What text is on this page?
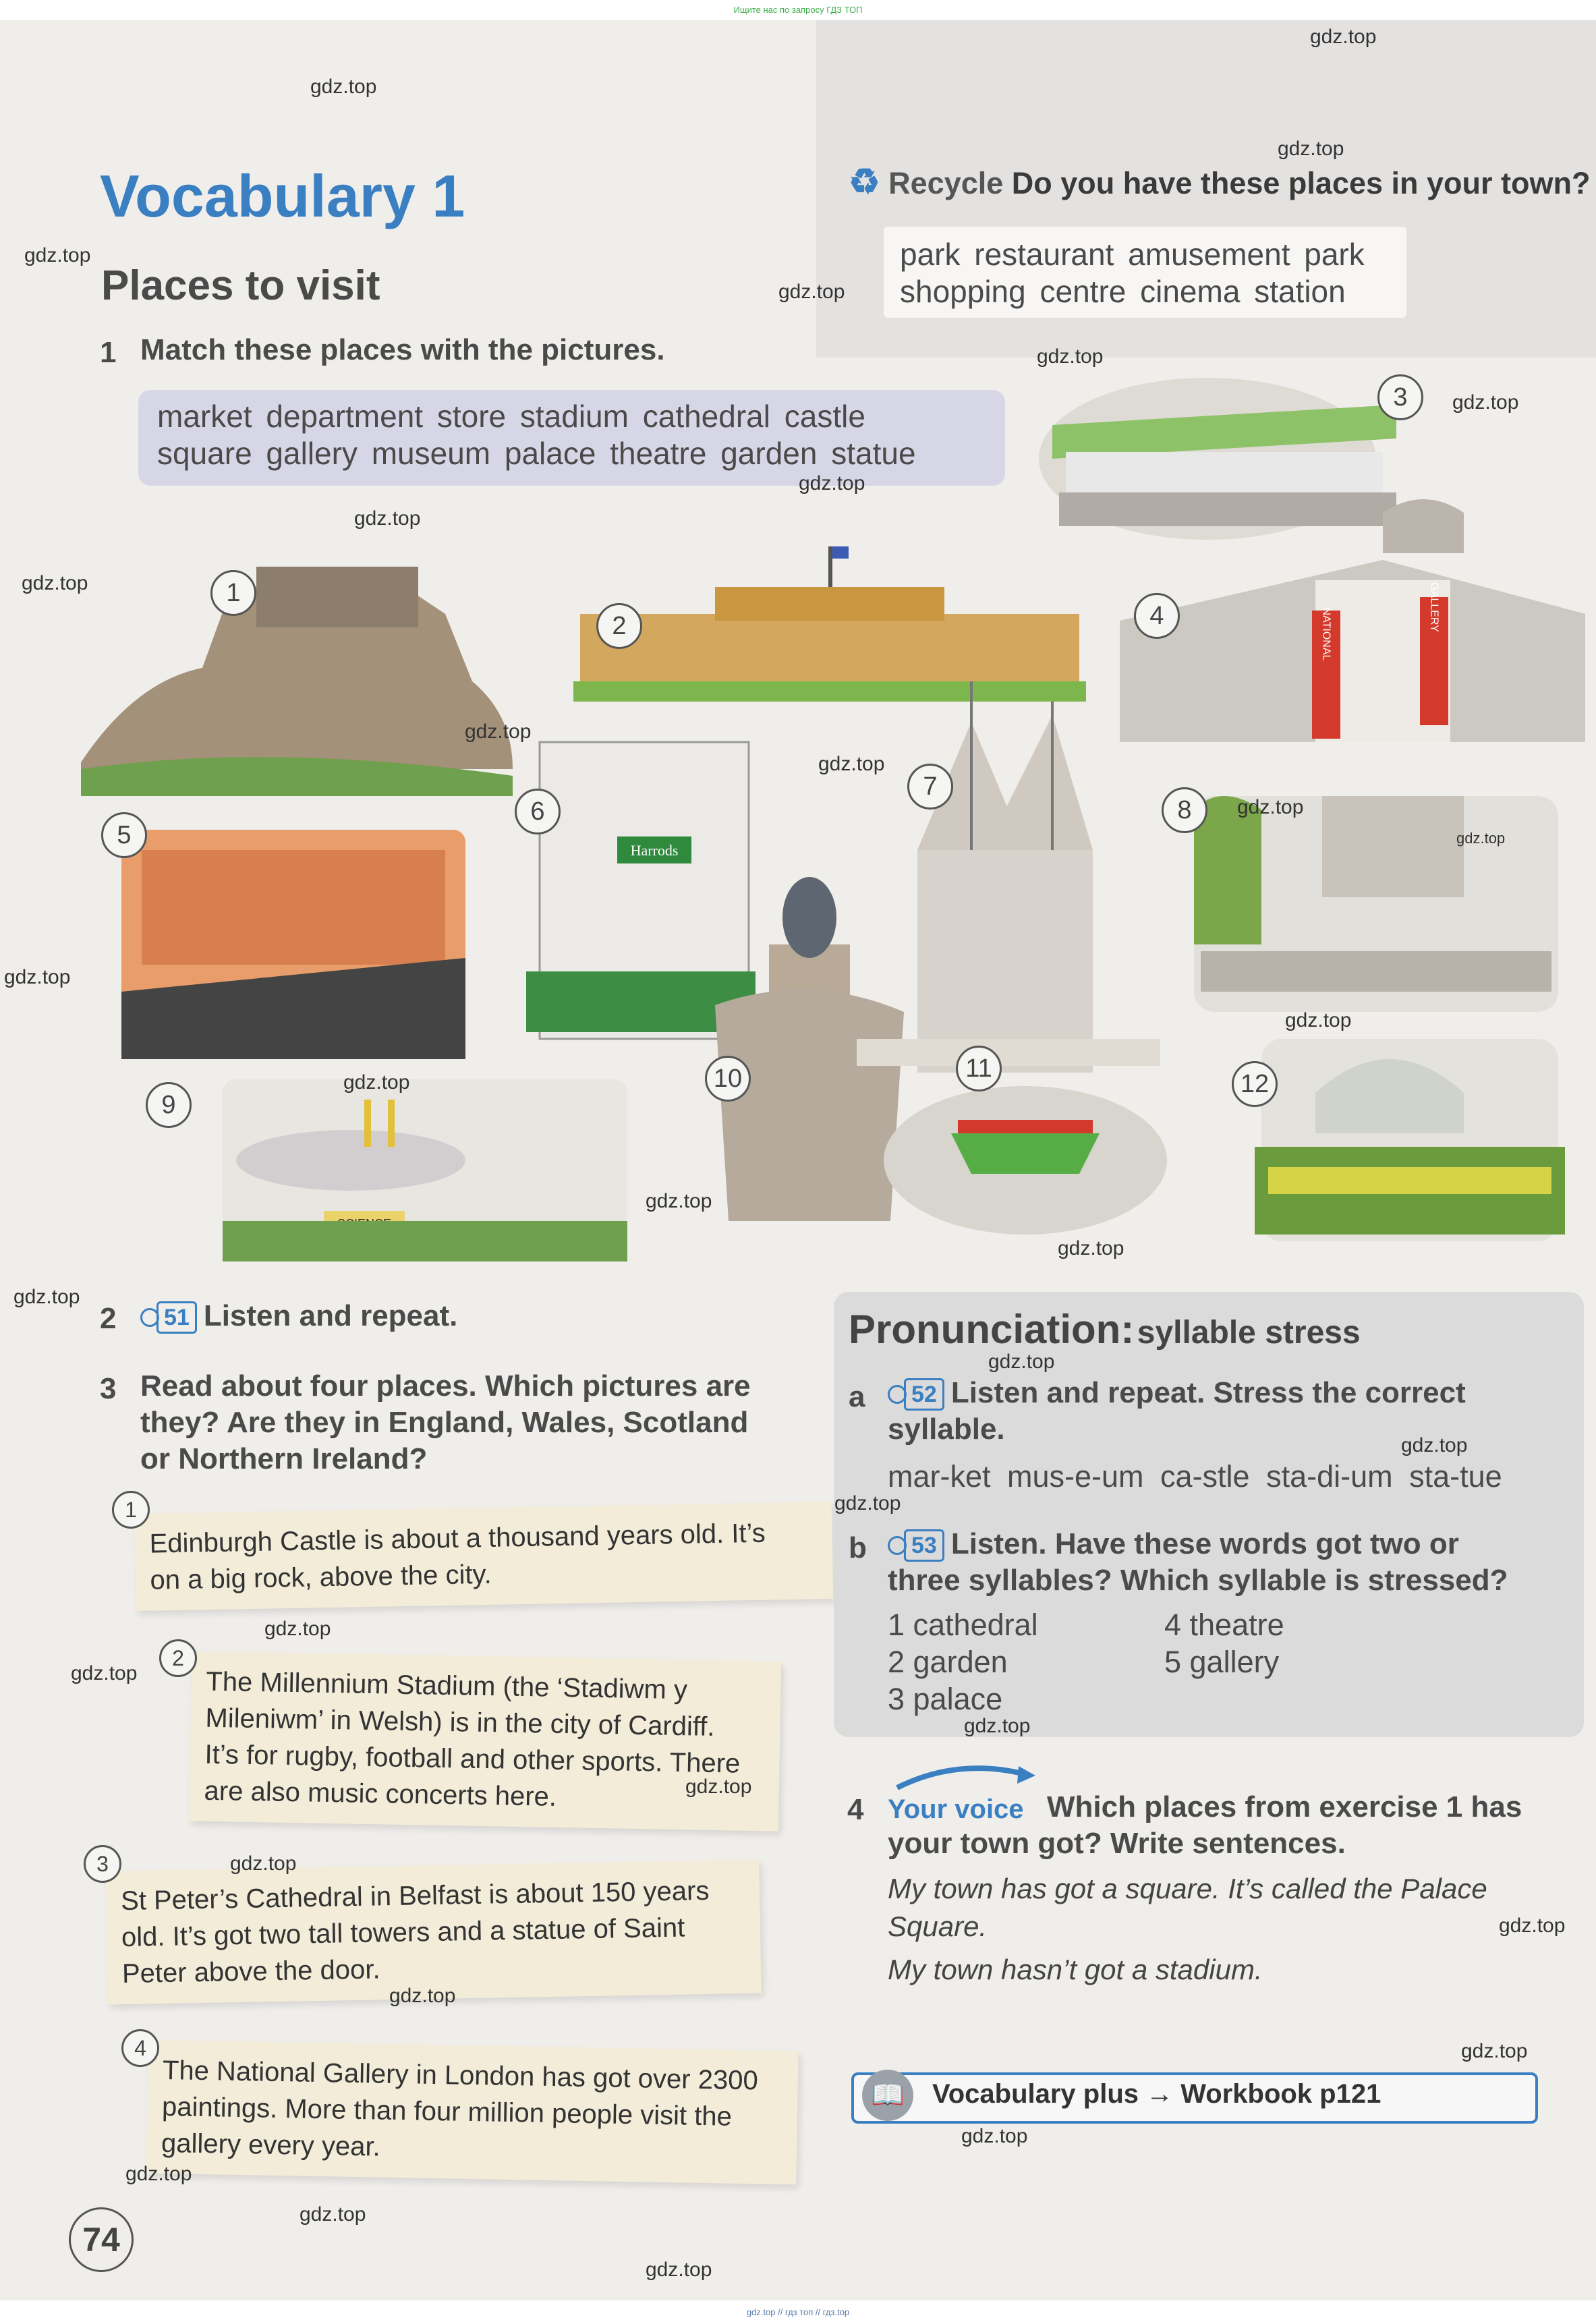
Ищите нас по запросу ГДЗ ТОП
Vocabulary 1
Places to visit
1 Match these places with the pictures.
market department store stadium cathedral castle
square gallery museum palace theatre garden statue
♻ Recycle Do you have these places in your town?
park restaurant amusement park
shopping centre cinema station
NATIONAL
GALLERY
Harrods
1
2
3
4
5
6
7
8
9
10	11
12
2	51 Listen and repeat.
3 Read about four places. Which pictures are
they? Are they in England, Wales, Scotland
or Northern Ireland?
Edinburgh Castle is about a thousand years old. It’s
on a big rock, above the city.
1
The Millennium Stadium (the ‘Stadiwm y
Mileniwm’ in Welsh) is in the city of Cardiff.
It’s for rugby, football and other sports. There
are also music concerts here.
2
St Peter’s Cathedral in Belfast is about 150 years
old. It’s got two tall towers and a statue of Saint
Peter above the door.
3
The National Gallery in London has got over 2300
paintings. More than four million people visit the
gallery every year.
4
Pronunciation: syllable stress
a	52 Listen and repeat. Stress the correct
syllable.
mar-ket mus-e-um ca-stle sta-di-um sta-tue
b	53 Listen. Have these words got two or
three syllables? Which syllable is stressed?
1 cathedral
2 garden
3 palace
4 theatre
5 gallery
4 Your voice Which places from exercise 1 has
your town got? Write sentences.
My town has got a square. It’s called the Palace
Square.
My town hasn’t got a stadium.
📖	Vocabulary plus → Workbook p121
74
gdz.top
gdz.top
gdz.top
gdz.top
gdz.top
gdz.top
gdz.top
gdz.top
gdz.top
gdz.top
gdz.top
gdz.top
gdz.top
gdz.top
gdz.top
gdz.top
gdz.top
gdz.top
gdz.top
gdz.top
gdz.top
gdz.top
gdz.top
gdz.top
gdz.top
gdz.top
gdz.top
gdz.top
gdz.top
gdz.top
gdz.top
gdz.top
gdz.top
gdz.top
gdz.top
gdz.top // гдз топ // гдз.top
